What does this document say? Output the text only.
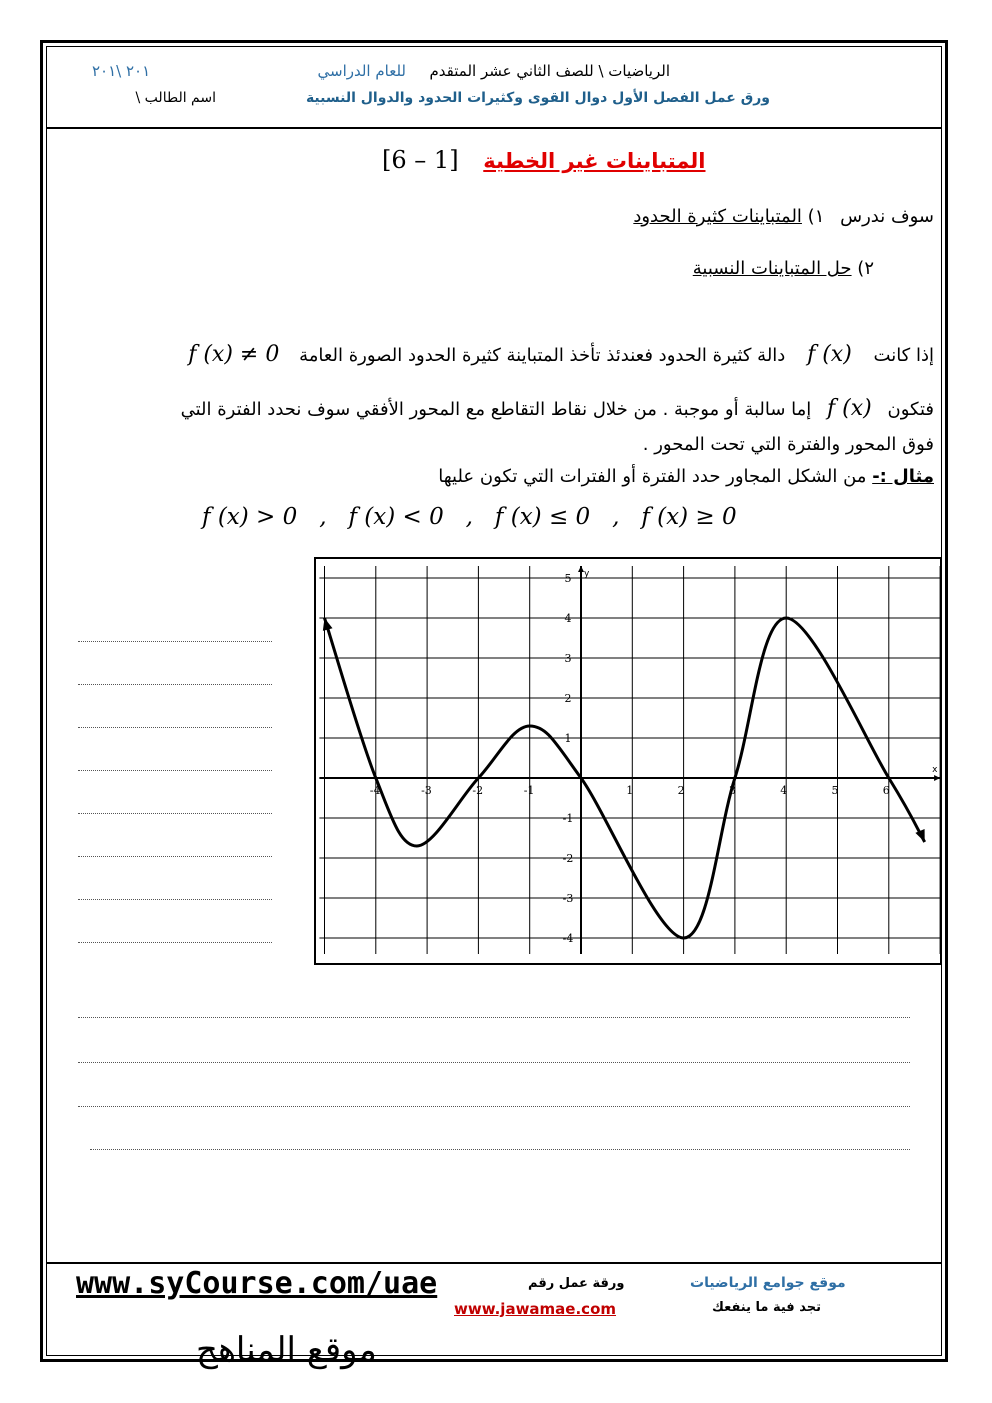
الرياضيات \ للصف الثاني عشر المتقدم
للعام الدراسي
٢٠١ \٢٠١
ورق عمل الفصل الأول دوال القوى وكثيرات الحدود والدوال النسبية
اسم الطالب \
المتباينات غير الخطية [1 – 6]
سوف ندرس ١) المتباينات كثيرة الحدود
٢) حل المتباينات النسبية
إذا كانت f (x) دالة كثيرة الحدود فعندئذ تأخذ المتباينة كثيرة الحدود الصورة العامة f (x) ≠ 0
فتكون f (x) إما سالبة أو موجبة . من خلال نقاط التقاطع مع المحور الأفقي سوف نحدد الفترة التي
فوق المحور والفترة التي تحت المحور .
مثال :- من الشكل المجاور حدد الفترة أو الفترات التي تكون عليها
f (x) > 0   ,   f (x) < 0   ,   f (x) ≤ 0   ,   f (x) ≥ 0
-4	-3	-2	-1	1	2	3	4	5	6
5
4
3
2
1
-1
-2
-3
-4
x
y
www.syCourse.com/uae	ورقة عمل رقم
www.jawamae.com
موقع جوامع الرياضيات
تجد فية ما ينفعك
موقع المناهج
